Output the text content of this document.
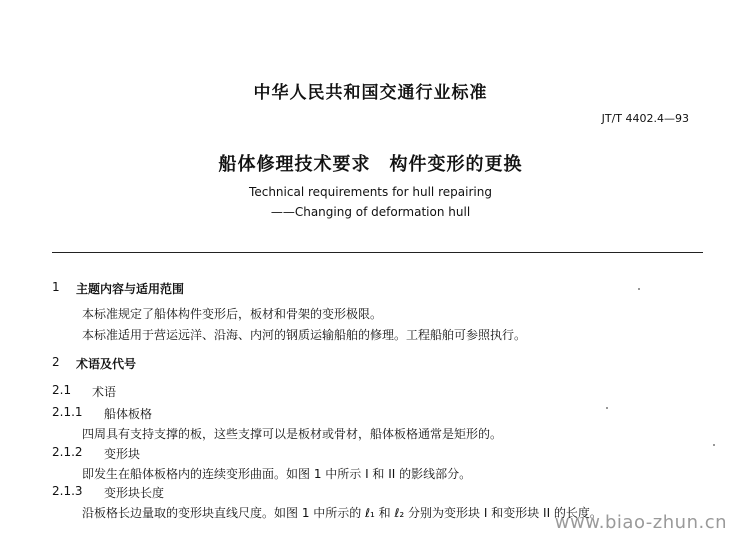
中华人民共和国交通行业标准
JT/T 4402.4—93
船体修理技术要求　构件变形的更换
Technical requirements for hull repairing
——Changing of deformation hull
1 主题内容与适用范围
本标准规定了船体构件变形后，板材和骨架的变形极限。
本标准适用于营运远洋、沿海、内河的钢质运输船舶的修理。工程船舶可参照执行。
2 术语及代号
2.1 术语
2.1.1 船体板格
四周具有支持支撑的板，这些支撑可以是板材或骨材，船体板格通常是矩形的。
2.1.2 变形块
即发生在船体板格内的连续变形曲面。如图 1 中所示 I 和 II 的影线部分。
2.1.3 变形块长度
沿板格长边量取的变形块直线尺度。如图 1 中所示的 ℓ₁ 和 ℓ₂ 分别为变形块 I 和变形块 II 的长度。
www.biao-zhun.cn
